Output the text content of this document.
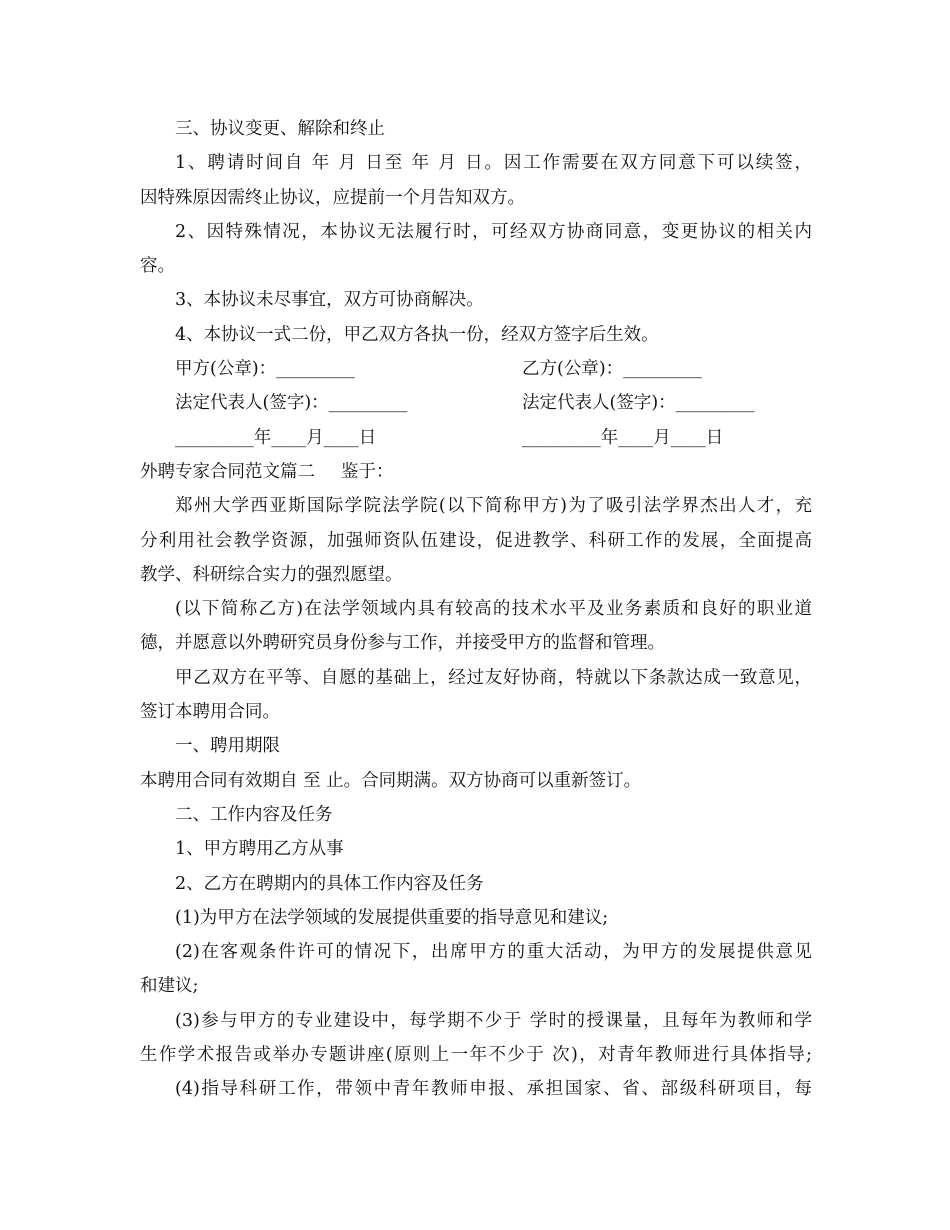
三、协议变更、解除和终止
1、聘请时间自 年 月 日至 年 月 日。因工作需要在双方同意下可以续签，
因特殊原因需终止协议，应提前一个月告知双方。
2、因特殊情况，本协议无法履行时，可经双方协商同意，变更协议的相关内
容。
3、本协议未尽事宜，双方可协商解决。
4、本协议一式二份，甲乙双方各执一份，经双方签字后生效。
甲方(公章)：_________	乙方(公章)：_________
法定代表人(签字)：_________	法定代表人(签字)：_________
_________年____月____日	_________年____月____日
外聘专家合同范文篇二 鉴于：
郑州大学西亚斯国际学院法学院(以下简称甲方)为了吸引法学界杰出人才，充
分利用社会教学资源，加强师资队伍建设，促进教学、科研工作的发展，全面提高
教学、科研综合实力的强烈愿望。
(以下简称乙方)在法学领域内具有较高的技术水平及业务素质和良好的职业道
德，并愿意以外聘研究员身份参与工作，并接受甲方的监督和管理。
甲乙双方在平等、自愿的基础上，经过友好协商，特就以下条款达成一致意见，
签订本聘用合同。
一、聘用期限
本聘用合同有效期自 至 止。合同期满。双方协商可以重新签订。
二、工作内容及任务
1、甲方聘用乙方从事
2、乙方在聘期内的具体工作内容及任务
(1)为甲方在法学领域的发展提供重要的指导意见和建议;
(2)在客观条件许可的情况下，出席甲方的重大活动，为甲方的发展提供意见
和建议;
(3)参与甲方的专业建设中，每学期不少于 学时的授课量，且每年为教师和学
生作学术报告或举办专题讲座(原则上一年不少于 次)，对青年教师进行具体指导;
(4)指导科研工作，带领中青年教师申报、承担国家、省、部级科研项目，每
